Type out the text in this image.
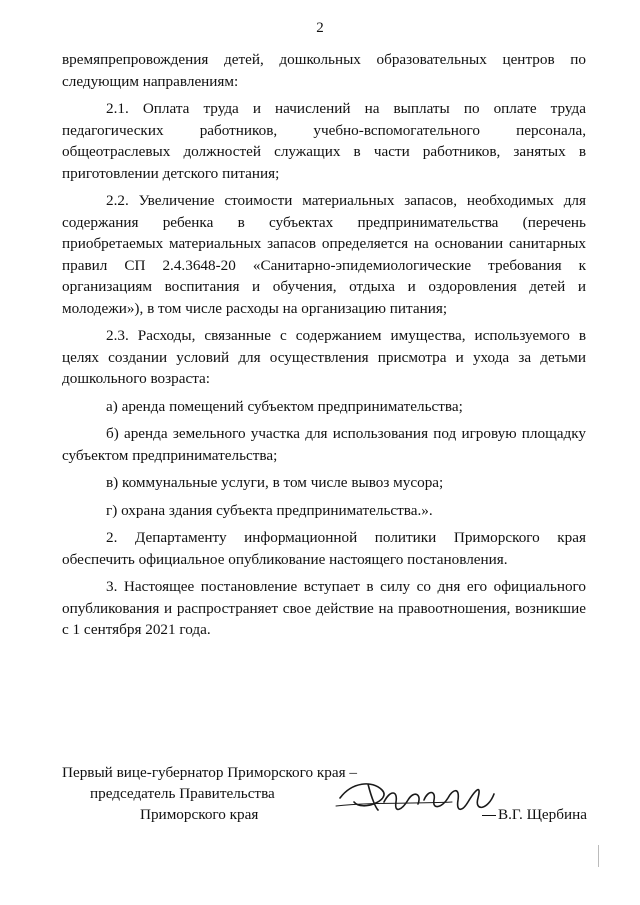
2

времяпрепровождения детей, дошкольных образовательных центров по следующим направлениям:

2.1. Оплата труда и начислений на выплаты по оплате труда педагогических работников, учебно-вспомогательного персонала, общеотраслевых должностей служащих в части работников, занятых в приготовлении детского питания;

2.2. Увеличение стоимости материальных запасов, необходимых для содержания ребенка в субъектах предпринимательства (перечень приобретаемых материальных запасов определяется на основании санитарных правил СП 2.4.3648-20 «Санитарно-эпидемиологические требования к организациям воспитания и обучения, отдыха и оздоровления детей и молодежи»), в том числе расходы на организацию питания;

2.3. Расходы, связанные с содержанием имущества, используемого в целях создании условий для осуществления присмотра и ухода за детьми дошкольного возраста:

а) аренда помещений субъектом предпринимательства;

б) аренда земельного участка для использования под игровую площадку субъектом предпринимательства;

в) коммунальные услуги, в том числе вывоз мусора;

г) охрана здания субъекта предпринимательства.».

2. Департаменту информационной политики Приморского края обеспечить официальное опубликование настоящего постановления.

3. Настоящее постановление вступает в силу со дня его официального опубликования и распространяет свое действие на правоотношения, возникшие с 1 сентября 2021 года.

Первый вице-губернатор Приморского края –
председатель Правительства
Приморского края	В.Г. Щербина
